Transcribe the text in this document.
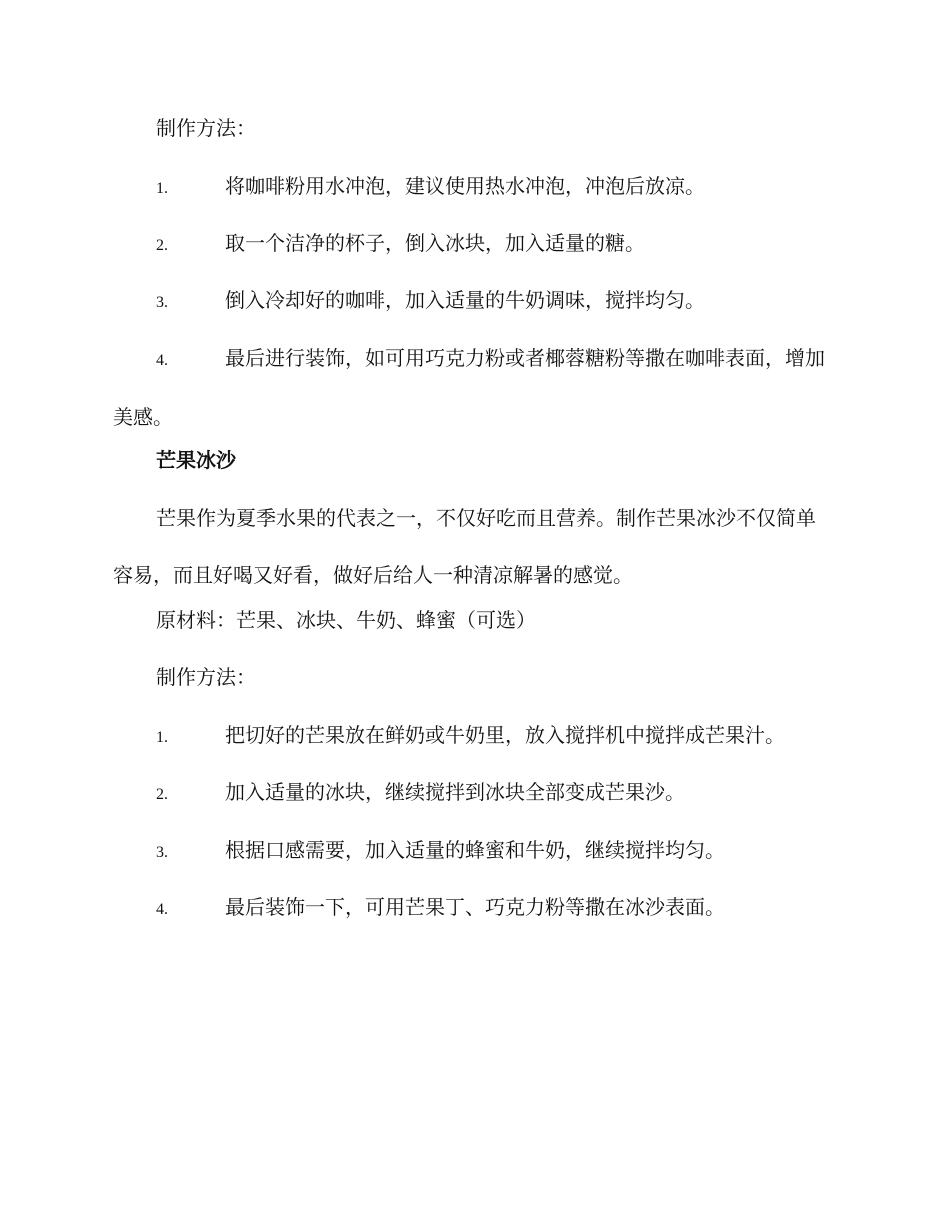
制作方法：

1.	将咖啡粉用水冲泡，建议使用热水冲泡，冲泡后放凉。

2.	取一个洁净的杯子，倒入冰块，加入适量的糖。

3.	倒入冷却好的咖啡，加入适量的牛奶调味，搅拌均匀。

4.	最后进行装饰，如可用巧克力粉或者椰蓉糖粉等撒在咖啡表面，增加美感。

芒果冰沙

芒果作为夏季水果的代表之一，不仅好吃而且营养。制作芒果冰沙不仅简单容易，而且好喝又好看，做好后给人一种清凉解暑的感觉。

原材料：芒果、冰块、牛奶、蜂蜜（可选）

制作方法：

1.	把切好的芒果放在鲜奶或牛奶里，放入搅拌机中搅拌成芒果汁。

2.	加入适量的冰块，继续搅拌到冰块全部变成芒果沙。

3.	根据口感需要，加入适量的蜂蜜和牛奶，继续搅拌均匀。

4.	最后装饰一下，可用芒果丁、巧克力粉等撒在冰沙表面。
